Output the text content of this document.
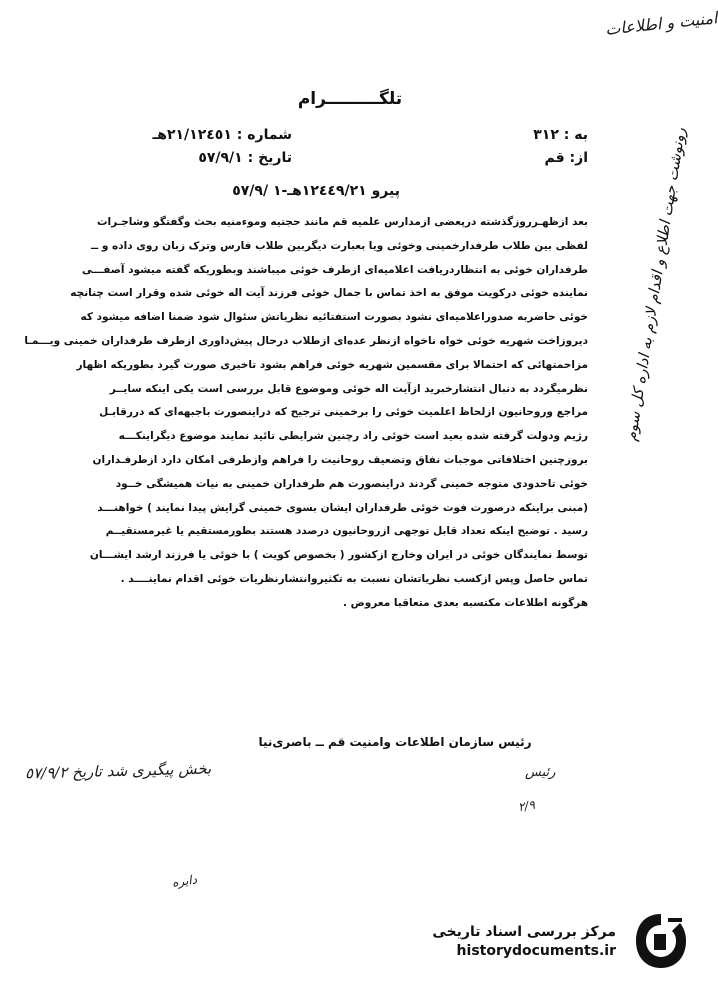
امنیت و اطلاعات
تلگـــــــــرام
به : ٣١٢
از: قم
شماره : ٢١/١٢٤٥١هـ
تاريخ : ٥٧/٩/١
پیرو ١٢٤٤٩/٢١هـ-١ /٥٧/٩
بعد ازظهـرروزگذشته درپعضی ازمدارس علمیه قم مانند حجتیه وموءمنیه بحث وگفتگو وشاجـرات
لفظی بین طلاب طرفدارخمینی وخوئی ویا بعبارت دیگربین طلاب فارس وترک زبان روی داده و ــ
طرفداران خوئی به انتظاردریافت اعلامیه‌ای ازطرف خوئی میباشند وبطوریکه گفته میشود آصفـــی
نماینده خوئی درکویت موفق به اخذ تماس با جمال خوئی فرزند آیت اله خوئی شده وقرار است چنانچه
خوئی حاضربه صدوراعلامیه‌ای نشود بصورت استفتائیه نظریاتش سئوال شود ضمنا اضافه میشود که
دیروزاخت شهریه خوئی خواه ناخواه ازنظر عده‌ای ازطلاب درحال پیش‌داوری ازطرف طرفداران خمینی ویـــمـا
مزاحمتهائی که احتمالا برای مقسمین شهریه خوئی فراهم بشود تاخیری صورت گیرد بطوریکه اظهار
نظرمیگردد به دنبال انتشارخبرید ازآیت اله خوئی وموضوع قابل بررسی است یکی اینکه سایــر
مراجع وروحانیون ازلحاظ اعلمیت خوئی را برخمینی ترجیح که دراینصورت باجبهه‌ای که دررقابـل
رژیم ودولت گرفته شده بعید است خوئی راد رچنین شرایطی تائید نمایند موضوع دیگراینکـــه
بروزچنین اختلافاتی موجبات نفاق وتضعیف روحانیت را فراهم وازطرفی امکان دارد ازطرفـداران
خوئی تاحدودی متوجه خمینی گردند دراینصورت هم طرفداران خمینی به نیات همیشگی خــود
(مبنی براینکه درصورت فوت خوئی طرفداران ایشان بسوی خمینی گرایش پیدا نمایند ) خواهنـــد
رسید . توضیح اینکه تعداد قابل توجهی ازروحانیون درصدد هستند بطورمستقیم یا غیرمستقیــم
توسط نمایندگان خوئی در ایران وخارج ازکشور ( بخصوص کویت ) با خوئی یا فرزند ارشد ایشـــان
تماس حاصل وپس ازکسب نظریاتشان نسبت به تکثیروانتشارنظریات خوئی اقدام نماینــــد .
هرگونه اطلاعات مکتسبه بعدی متعاقبا معروض .
رئیس سازمان اطلاعات وامنیت قم ــ باصری‌نیا
بخش پیگیری شد تاریخ ٥٧/٩/٢	رئیس
٢/٩
دایره
رونوشت جهت اطلاع و اقدام لازم به اداره کل سوم
مرکز بررسی اسناد تاریخی
historydocuments.ir
